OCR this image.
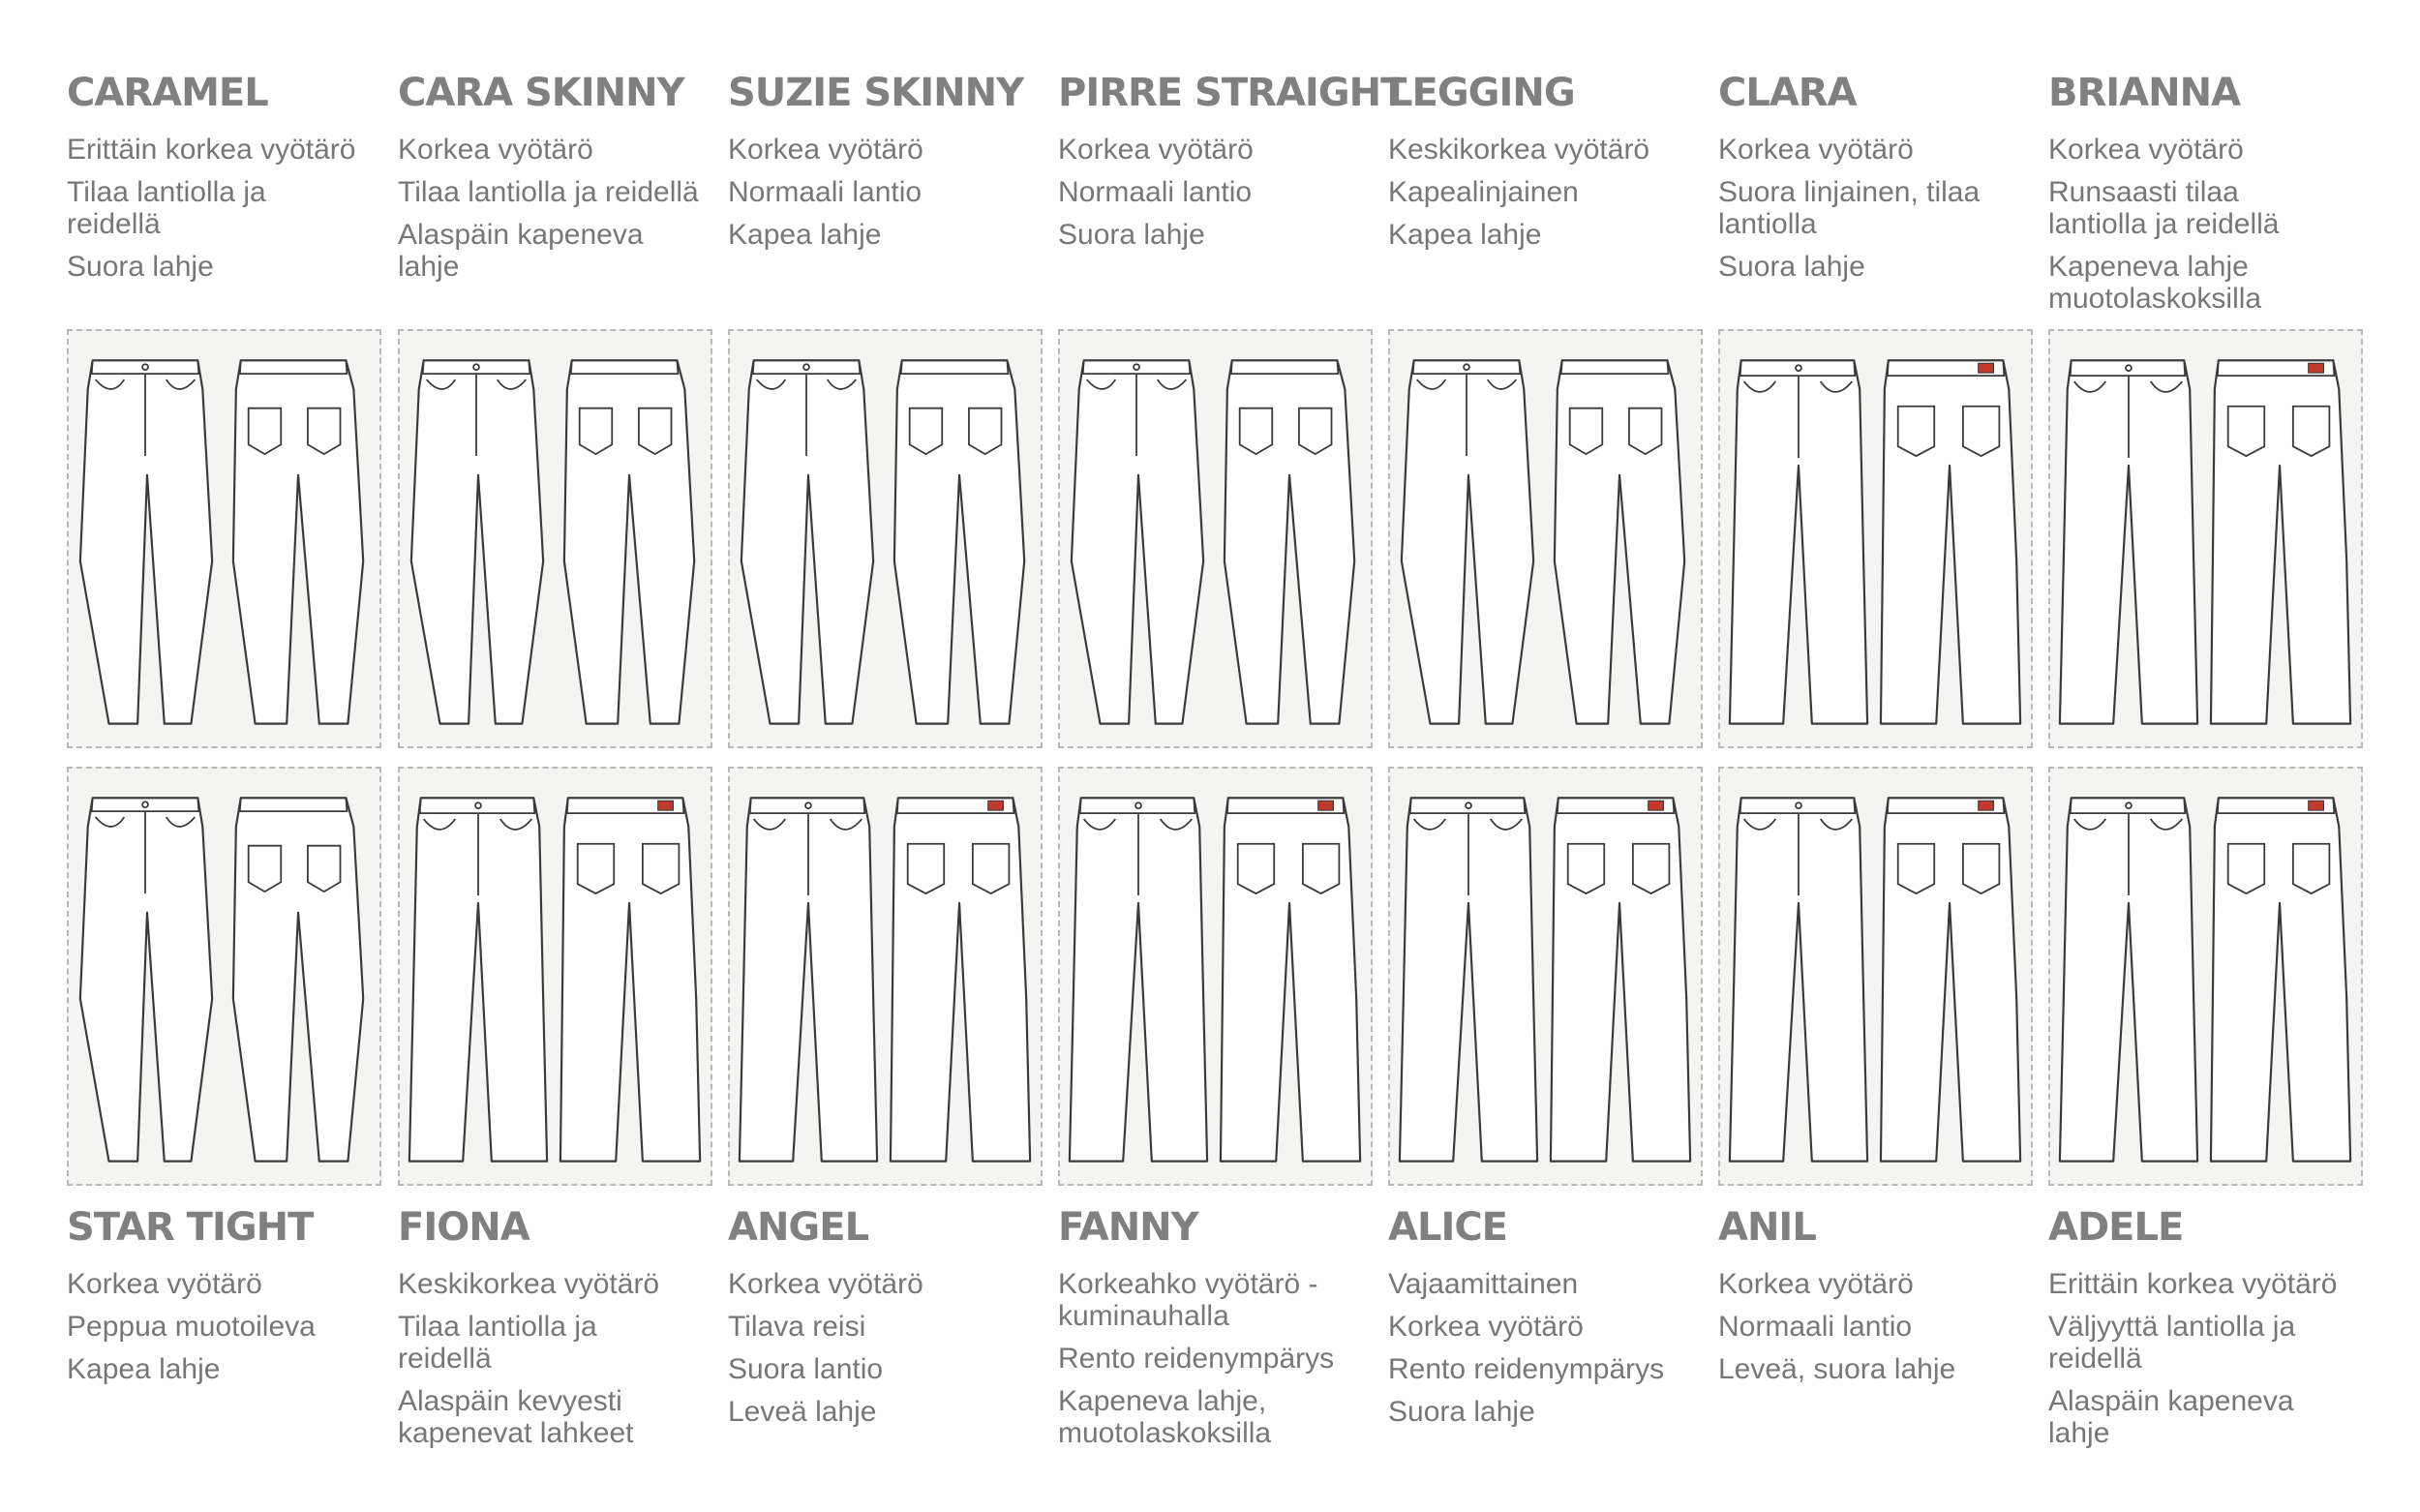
CARAMEL
Erittäin korkea vyötärö
Tilaa lantiolla ja reidellä
Suora lahje
CARA SKINNY
Korkea vyötärö
Tilaa lantiolla ja reidellä
Alaspäin kapeneva lahje
SUZIE SKINNY
Korkea vyötärö
Normaali lantio
Kapea lahje
PIRRE STRAIGHT
Korkea vyötärö
Normaali lantio
Suora lahje
LEGGING
Keskikorkea vyötärö
Kapealinjainen
Kapea lahje
CLARA
Korkea vyötärö
Suora linjainen, tilaa lantiolla
Suora lahje
BRIANNA
Korkea vyötärö
Runsaasti tilaa lantiolla ja reidellä
Kapeneva lahje muotolaskoksilla
STAR TIGHT
Korkea vyötärö
Peppua muotoileva
Kapea lahje
FIONA
Keskikorkea vyötärö
Tilaa lantiolla ja reidellä
Alaspäin kevyesti kapenevat lahkeet
ANGEL
Korkea vyötärö
Tilava reisi
Suora lantio
Leveä lahje
FANNY
Korkeahko vyötärö - kuminauhalla
Rento reidenympärys
Kapeneva lahje, muotolaskoksilla
ALICE
Vajaamittainen
Korkea vyötärö
Rento reidenympärys
Suora lahje
ANIL
Korkea vyötärö
Normaali lantio
Leveä, suora lahje
ADELE
Erittäin korkea vyötärö
Väljyyttä lantiolla ja reidellä
Alaspäin kapeneva lahje
